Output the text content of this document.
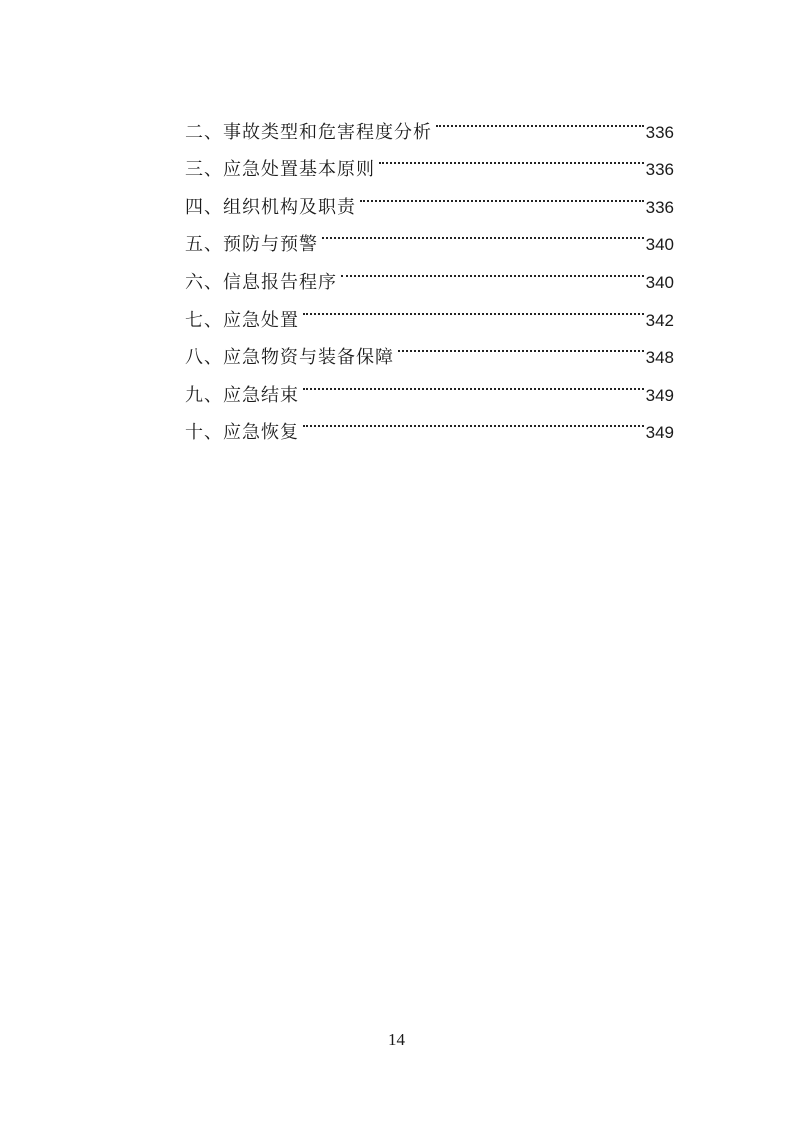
二、事故类型和危害程度分析	336
三、应急处置基本原则	336
四、组织机构及职责	336
五、预防与预警	340
六、信息报告程序	340
七、应急处置	342
八、应急物资与装备保障	348
九、应急结束	349
十、应急恢复	349
14
